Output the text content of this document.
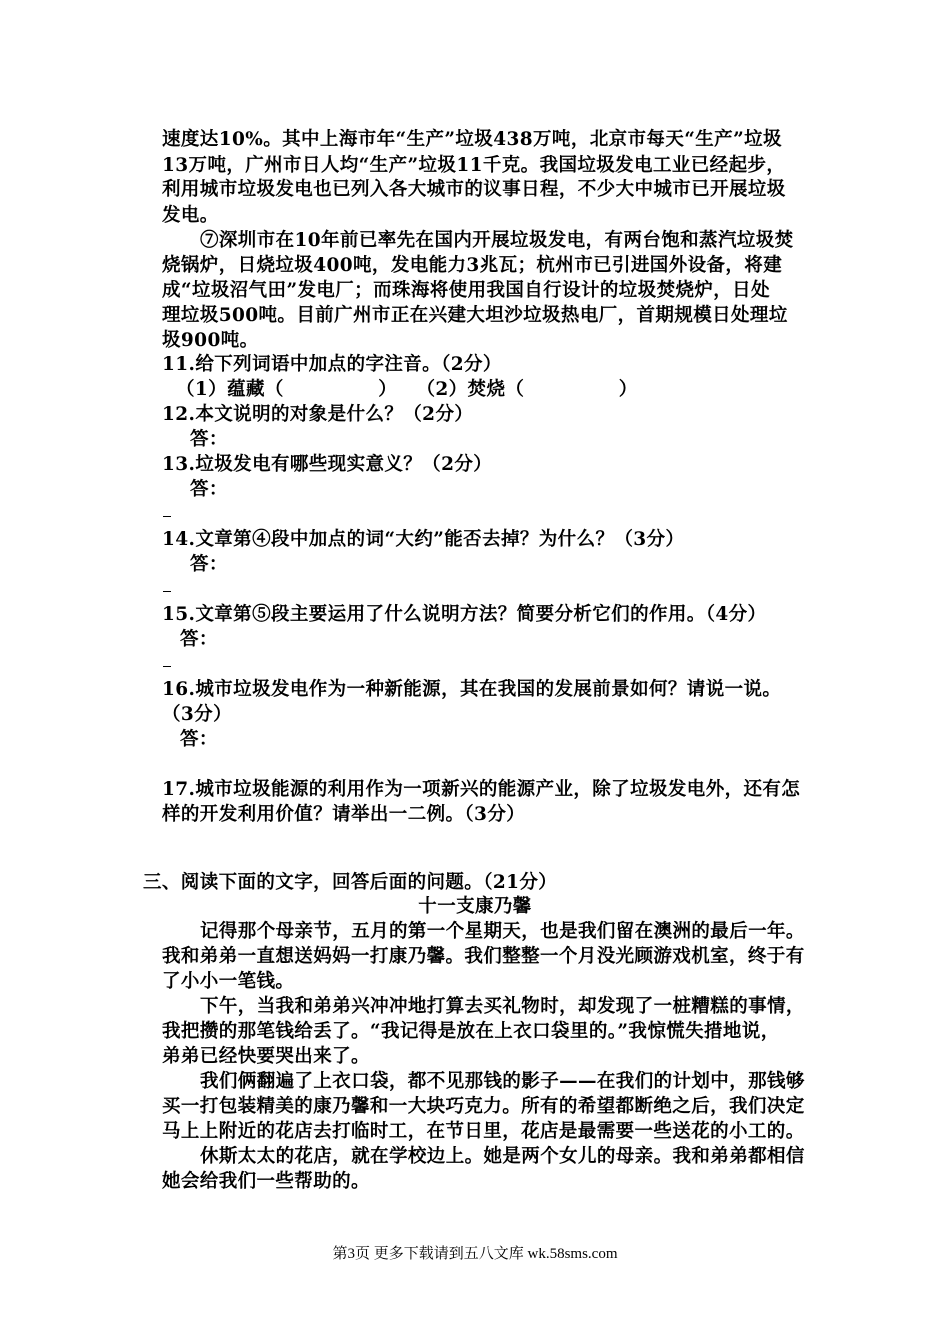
速度达10%。其中上海市年“生产”垃圾438万吨，北京市每天“生产”垃圾
13万吨，广州市日人均“生产”垃圾11千克。我国垃圾发电工业已经起步，
利用城市垃圾发电也已列入各大城市的议事日程，不少大中城市已开展垃圾
发电。
⑦深圳市在10年前已率先在国内开展垃圾发电，有两台饱和蒸汽垃圾焚
烧锅炉，日烧垃圾400吨，发电能力3兆瓦；杭州市已引进国外设备，将建
成“垃圾沼气田”发电厂；而珠海将使用我国自行设计的垃圾焚烧炉，日处
理垃圾500吨。目前广州市正在兴建大坦沙垃圾热电厂，首期规模日处理垃
圾900吨。
11.给下列词语中加点的字注音。（2分）
（1）蕴藏（　　　　　）　　（2）焚烧（　　　　　）
12.本文说明的对象是什么？（2分）
答：
13.垃圾发电有哪些现实意义？（2分）
答：
14.文章第④段中加点的词“大约”能否去掉？为什么？（3分）
答：
15.文章第⑤段主要运用了什么说明方法？简要分析它们的作用。（4分）
答：
16.城市垃圾发电作为一种新能源，其在我国的发展前景如何？请说一说。
（3分）
答：
17.城市垃圾能源的利用作为一项新兴的能源产业，除了垃圾发电外，还有怎
样的开发利用价值？请举出一二例。（3分）
三、阅读下面的文字，回答后面的问题。（21分）
十一支康乃馨
记得那个母亲节，五月的第一个星期天，也是我们留在澳洲的最后一年。
我和弟弟一直想送妈妈一打康乃馨。我们整整一个月没光顾游戏机室，终于有
了小小一笔钱。
下午，当我和弟弟兴冲冲地打算去买礼物时，却发现了一桩糟糕的事情，
我把攒的那笔钱给丢了。“我记得是放在上衣口袋里的。”我惊慌失措地说，
弟弟已经快要哭出来了。
我们俩翻遍了上衣口袋，都不见那钱的影子——在我们的计划中，那钱够
买一打包装精美的康乃馨和一大块巧克力。所有的希望都断绝之后，我们决定
马上上附近的花店去打临时工，在节日里，花店是最需要一些送花的小工的。
休斯太太的花店，就在学校边上。她是两个女儿的母亲。我和弟弟都相信
她会给我们一些帮助的。
第3页 更多下载请到五八文库 wk.58sms.com
